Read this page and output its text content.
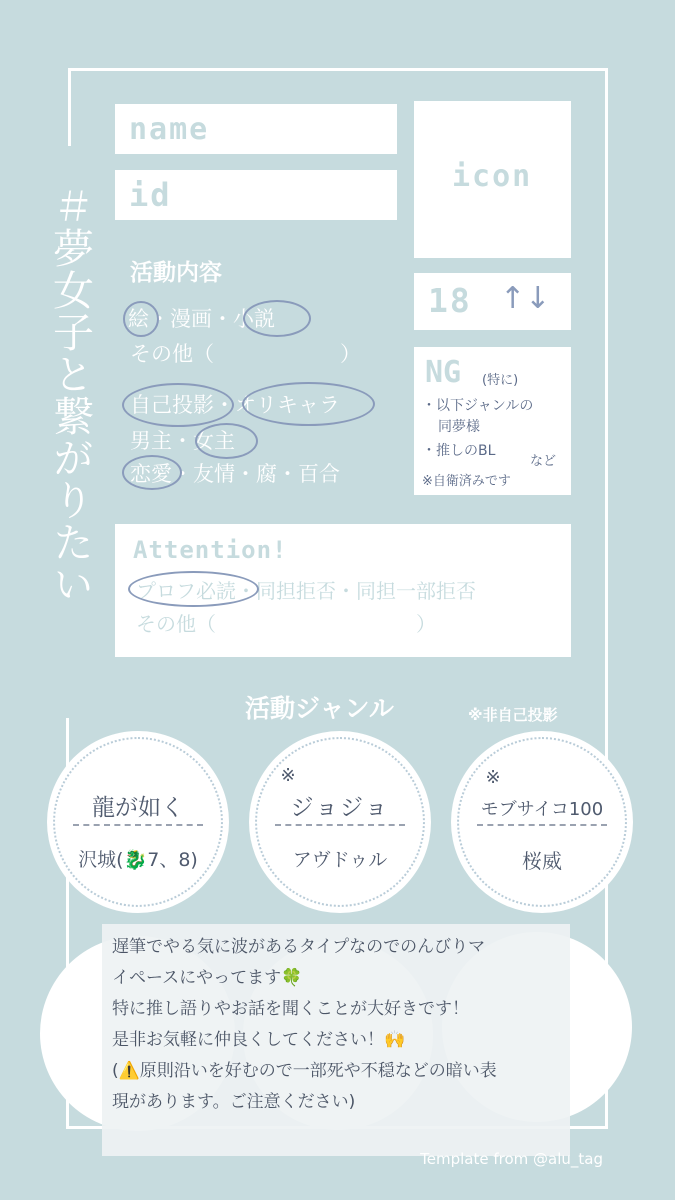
＃夢女子と繋がりたい
name
id	icon
18 ↑↓
活動内容
絵・漫画・小説
その他（　　　　　　）
自己投影・オリキャラ
男主・女主
恋愛・友情・腐・百合
NG (特に)
・以下ジャンルの
同夢様
・推しのBL
など
※自衛済みです
Attention!
プロフ必読・同担拒否・同担一部拒否
その他（　　　　　　　　　　）
活動ジャンル	※非自己投影
龍が如く
沢城(🐉7、8)
※
ジョジョ
アヴドゥル
※
モブサイコ100
桜威

遅筆でやる気に波があるタイプなのでのんびりマ

イペースにやってます🍀

特に推し語りやお話を聞くことが大好きです！

是非お気軽に仲良くしてください！🙌

(⚠️原則沿いを好むので一部死や不穏などの暗い表

現があります。ご注意ください)

Template from @alu_tag
